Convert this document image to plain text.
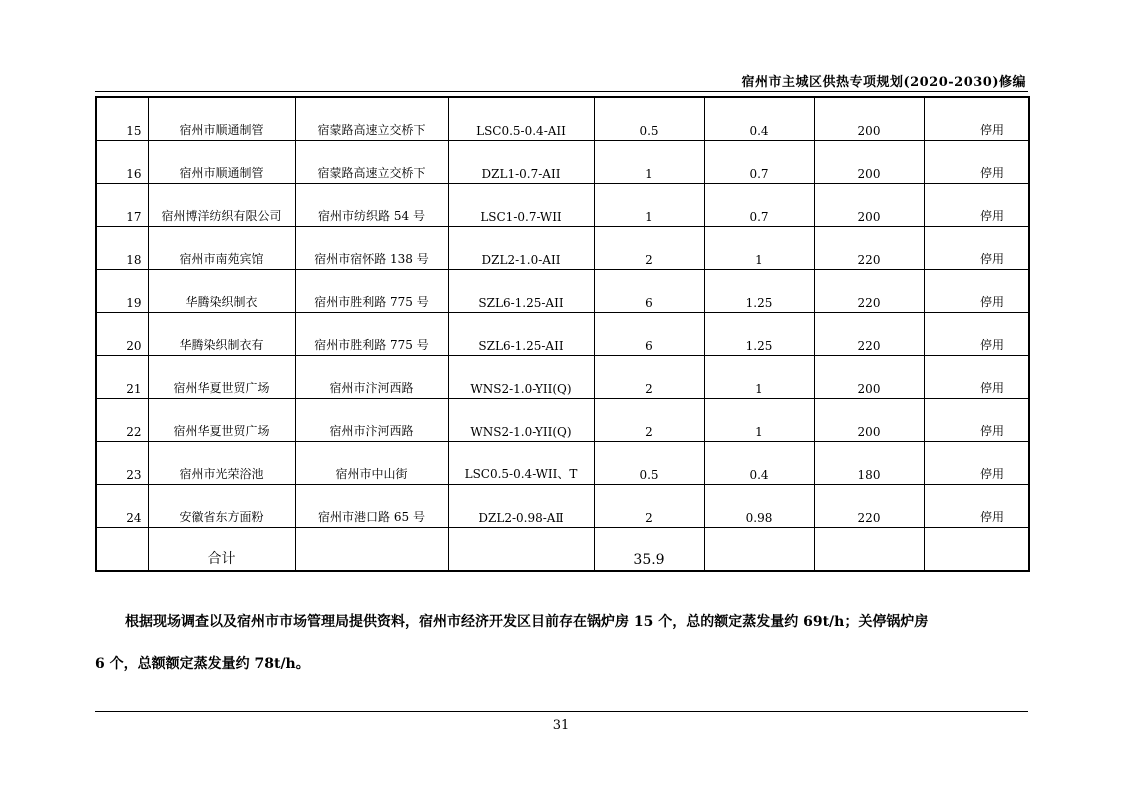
宿州市主城区供热专项规划(2020-2030)修编
15	宿州市顺通制管	宿蒙路高速立交桥下	LSC0.5-0.4-AII	0.5	0.4	200	停用
16	宿州市顺通制管	宿蒙路高速立交桥下	DZL1-0.7-AII	1	0.7	200	停用
17	宿州博洋纺织有限公司	宿州市纺织路 54 号	LSC1-0.7-WII	1	0.7	200	停用
18	宿州市南苑宾馆	宿州市宿怀路 138 号	DZL2-1.0-AII	2	1	220	停用
19	华腾染织制衣	宿州市胜利路 775 号	SZL6-1.25-AII	6	1.25	220	停用
20	华腾染织制衣有	宿州市胜利路 775 号	SZL6-1.25-AII	6	1.25	220	停用
21	宿州华夏世贸广场	宿州市汴河西路	WNS2-1.0-YII(Q)	2	1	200	停用
22	宿州华夏世贸广场	宿州市汴河西路	WNS2-1.0-YII(Q)	2	1	200	停用
23	宿州市光荣浴池	宿州市中山街	LSC0.5-0.4-WII、T	0.5	0.4	180	停用
24	安徽省东方面粉	宿州市港口路 65 号	DZL2-0.98-AⅡ	2	0.98	220	停用
	合计			35.9			
根据现场调查以及宿州市市场管理局提供资料，宿州市经济开发区目前存在锅炉房 15 个，总的额定蒸发量约 69t/h；关停锅炉房
6 个，总额额定蒸发量约 78t/h。
31
